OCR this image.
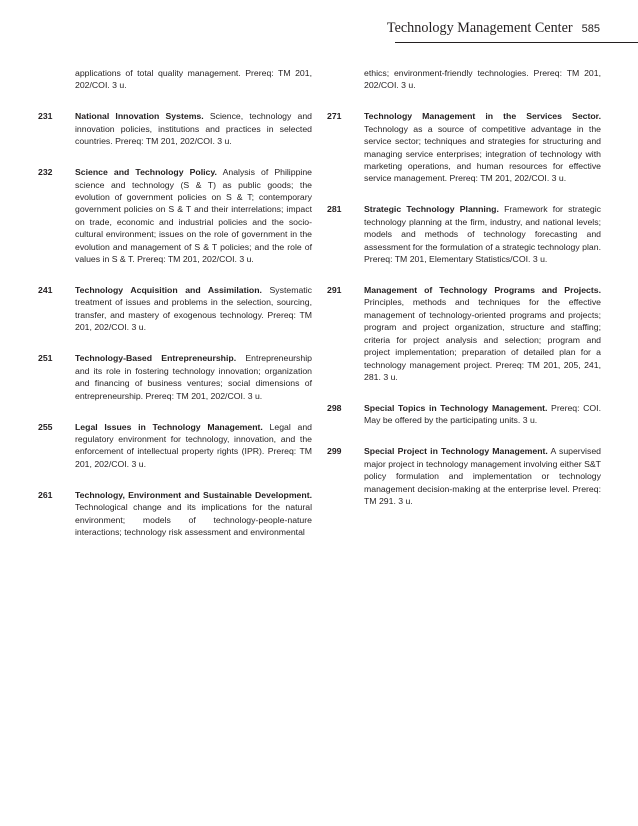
Technology Management Center 585
applications of total quality management. Prereq: TM 201, 202/COI. 3 u.
231	National Innovation Systems. Science, technology and innovation policies, institutions and practices in selected countries. Prereq: TM 201, 202/COI. 3 u.
232	Science and Technology Policy. Analysis of Philippine science and technology (S & T) as public goods; the evolution of government policies on S & T; contemporary government policies on S & T and their interrelations; impact on trade, economic and industrial policies and the socio-cultural environment; issues on the role of government in the evolution and management of S & T policies; and the role of values in S & T. Prereq: TM 201, 202/COI. 3 u.
241	Technology Acquisition and Assimilation. Systematic treatment of issues and problems in the selection, sourcing, transfer, and mastery of exogenous technology. Prereq: TM 201, 202/COI. 3 u.
251	Technology-Based Entrepreneurship. Entrepreneurship and its role in fostering technology innovation; organization and financing of business ventures; social dimensions of entrepreneurship. Prereq: TM 201, 202/COI. 3 u.
255	Legal Issues in Technology Management. Legal and regulatory environment for technology, innovation, and the enforcement of intellectual property rights (IPR). Prereq: TM 201, 202/COI. 3 u.
261	Technology, Environment and Sustainable Development. Technological change and its implications for the natural environment; models of technology-people-nature interactions; technology risk assessment and environmental
ethics; environment-friendly technologies. Prereq: TM 201, 202/COI. 3 u.
271	Technology Management in the Services Sector. Technology as a source of competitive advantage in the service sector; techniques and strategies for structuring and managing service enterprises; integration of technology with marketing operations, and human resources for effective service management. Prereq: TM 201, 202/COI. 3 u.
281	Strategic Technology Planning. Framework for strategic technology planning at the firm, industry, and national levels; models and methods of technology forecasting and assessment for the formulation of a strategic technology plan. Prereq: TM 201, Elementary Statistics/COI. 3 u.
291	Management of Technology Programs and Projects. Principles, methods and techniques for the effective management of technology-oriented programs and projects; program and project organization, structure and staffing; criteria for project analysis and selection; program and project implementation; preparation of detailed plan for a technology management project. Prereq: TM 201, 205, 241, 281. 3 u.
298	Special Topics in Technology Management. Prereq: COI. May be offered by the participating units. 3 u.
299	Special Project in Technology Management. A supervised major project in technology management involving either S&T policy formulation and implementation or technology management decision-making at the enterprise level. Prereq: TM 291. 3 u.
